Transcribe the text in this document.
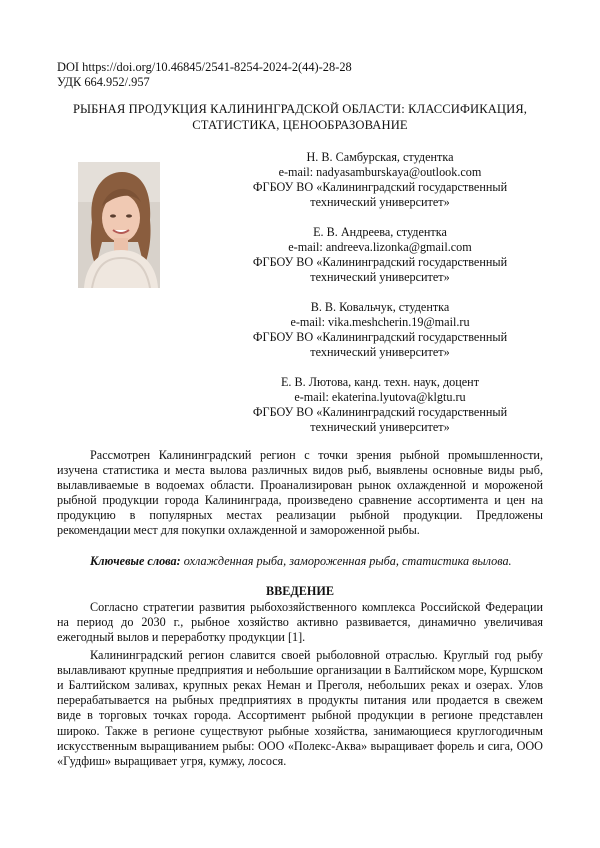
DOI https://doi.org/10.46845/2541-8254-2024-2(44)-28-28
УДК 664.952/.957
РЫБНАЯ ПРОДУКЦИЯ КАЛИНИНГРАДСКОЙ ОБЛАСТИ: КЛАССИФИКАЦИЯ,
СТАТИСТИКА, ЦЕНООБРАЗОВАНИЕ
Н. В. Самбурская, студентка
e-mail: nadyasamburskaya@outlook.com
ФГБОУ ВО «Калининградский государственный
технический университет»
Е. В. Андреева, студентка
e-mail: andreeva.lizonka@gmail.com
ФГБОУ ВО «Калининградский государственный
технический университет»
В. В. Ковальчук, студентка
e-mail: vika.meshcherin.19@mail.ru
ФГБОУ ВО «Калининградский государственный
технический университет»
Е. В. Лютова, канд. техн. наук, доцент
e-mail: ekaterina.lyutova@klgtu.ru
ФГБОУ ВО «Калининградский государственный
технический университет»

Рассмотрен Калининградский регион с точки зрения рыбной промышленности, изучена статистика и места вылова различных видов рыб, выявлены основные виды рыб, вылавливаемые в водоемах области. Проанализирован рынок охлажденной и мороженой рыбной продукции города Калининграда, произведено сравнение ассортимента и цен на продукцию в популярных местах реализации рыбной продукции. Предложены рекомендации мест для покупки охлажденной и замороженной рыбы.

Ключевые слова: охлажденная рыба, замороженная рыба, статистика вылова.
ВВЕДЕНИЕ

Согласно стратегии развития рыбохозяйственного комплекса Российской Федерации на период до 2030 г., рыбное хозяйство активно развивается, динамично увеличивая ежегодный вылов и переработку продукции [1].

Калининградский регион славится своей рыболовной отраслью. Круглый год рыбу вылавливают крупные предприятия и небольшие организации в Балтийском море, Куршском и Балтийском заливах, крупных реках Неман и Преголя, небольших реках и озерах. Улов перерабатывается на рыбных предприятиях в продукты питания или продается в свежем виде в торговых точках города. Ассортимент рыбной продукции в регионе представлен широко. Также в регионе существуют рыбные хозяйства, занимающиеся круглогодичным искусственным выращиванием рыбы: ООО «Полекс-Аква» выращивает форель и сига, ООО «Гудфиш» выращивает угря, кумжу, лосося.
